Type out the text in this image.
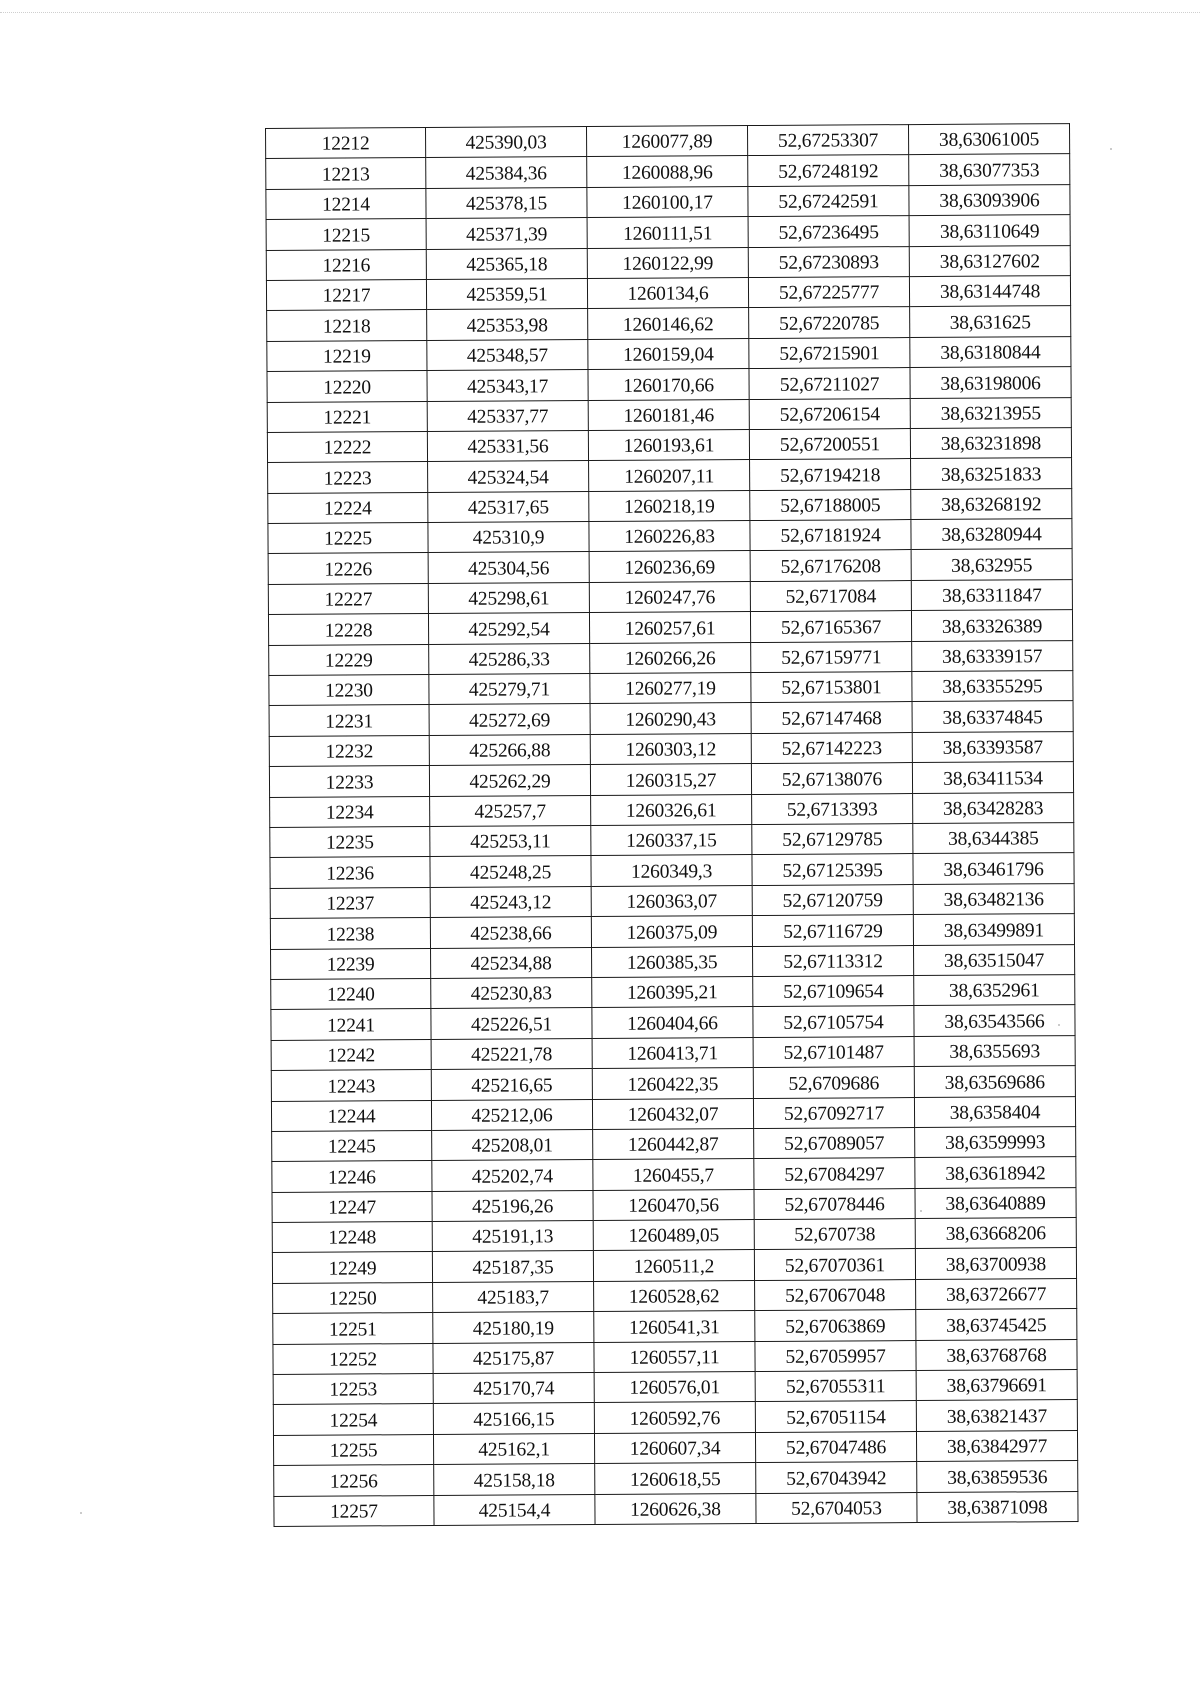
12212	425390,03	1260077,89	52,67253307	38,63061005
12213	425384,36	1260088,96	52,67248192	38,63077353
12214	425378,15	1260100,17	52,67242591	38,63093906
12215	425371,39	1260111,51	52,67236495	38,63110649
12216	425365,18	1260122,99	52,67230893	38,63127602
12217	425359,51	1260134,6	52,67225777	38,63144748
12218	425353,98	1260146,62	52,67220785	38,631625
12219	425348,57	1260159,04	52,67215901	38,63180844
12220	425343,17	1260170,66	52,67211027	38,63198006
12221	425337,77	1260181,46	52,67206154	38,63213955
12222	425331,56	1260193,61	52,67200551	38,63231898
12223	425324,54	1260207,11	52,67194218	38,63251833
12224	425317,65	1260218,19	52,67188005	38,63268192
12225	425310,9	1260226,83	52,67181924	38,63280944
12226	425304,56	1260236,69	52,67176208	38,632955
12227	425298,61	1260247,76	52,6717084	38,63311847
12228	425292,54	1260257,61	52,67165367	38,63326389
12229	425286,33	1260266,26	52,67159771	38,63339157
12230	425279,71	1260277,19	52,67153801	38,63355295
12231	425272,69	1260290,43	52,67147468	38,63374845
12232	425266,88	1260303,12	52,67142223	38,63393587
12233	425262,29	1260315,27	52,67138076	38,63411534
12234	425257,7	1260326,61	52,6713393	38,63428283
12235	425253,11	1260337,15	52,67129785	38,6344385
12236	425248,25	1260349,3	52,67125395	38,63461796
12237	425243,12	1260363,07	52,67120759	38,63482136
12238	425238,66	1260375,09	52,67116729	38,63499891
12239	425234,88	1260385,35	52,67113312	38,63515047
12240	425230,83	1260395,21	52,67109654	38,6352961
12241	425226,51	1260404,66	52,67105754	38,63543566
12242	425221,78	1260413,71	52,67101487	38,6355693
12243	425216,65	1260422,35	52,6709686	38,63569686
12244	425212,06	1260432,07	52,67092717	38,6358404
12245	425208,01	1260442,87	52,67089057	38,63599993
12246	425202,74	1260455,7	52,67084297	38,63618942
12247	425196,26	1260470,56	52,67078446	38,63640889
12248	425191,13	1260489,05	52,670738	38,63668206
12249	425187,35	1260511,2	52,67070361	38,63700938
12250	425183,7	1260528,62	52,67067048	38,63726677
12251	425180,19	1260541,31	52,67063869	38,63745425
12252	425175,87	1260557,11	52,67059957	38,63768768
12253	425170,74	1260576,01	52,67055311	38,63796691
12254	425166,15	1260592,76	52,67051154	38,63821437
12255	425162,1	1260607,34	52,67047486	38,63842977
12256	425158,18	1260618,55	52,67043942	38,63859536
12257	425154,4	1260626,38	52,6704053	38,63871098
